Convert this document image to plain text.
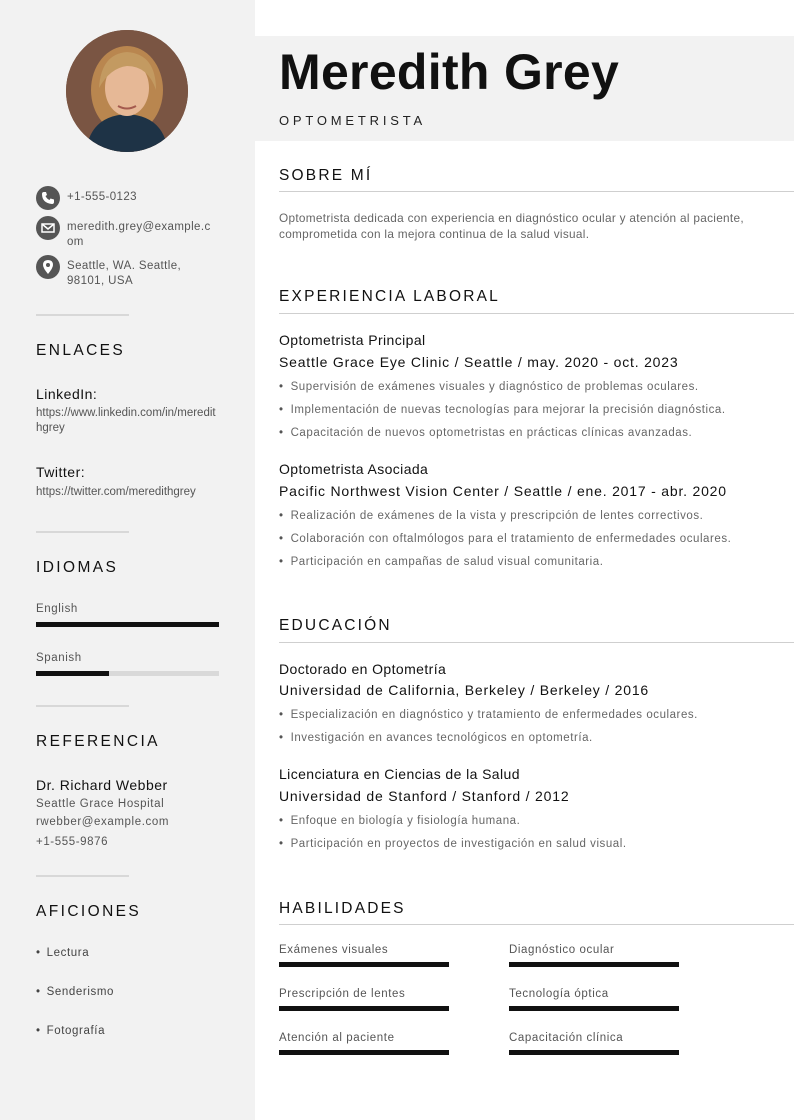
+1-555-0123
meredith.grey@example.com
Seattle, WA. Seattle, 98101, USA
ENLACES
LinkedIn:
https://www.linkedin.com/in/meredithgrey
Twitter:
https://twitter.com/meredithgrey
IDIOMAS
English
Spanish
REFERENCIA
Dr. Richard Webber
Seattle Grace Hospital
rwebber@example.com
+1-555-9876
AFICIONES
• Lectura
• Senderismo
• Fotografía
Meredith Grey
OPTOMETRISTA
SOBRE MÍ
Optometrista dedicada con experiencia en diagnóstico ocular y atención al paciente, comprometida con la mejora continua de la salud visual.
EXPERIENCIA LABORAL
Optometrista Principal
Seattle Grace Eye Clinic / Seattle / may. 2020 - oct. 2023
• Supervisión de exámenes visuales y diagnóstico de problemas oculares.
• Implementación de nuevas tecnologías para mejorar la precisión diagnóstica.
• Capacitación de nuevos optometristas en prácticas clínicas avanzadas.
Optometrista Asociada
Pacific Northwest Vision Center / Seattle / ene. 2017 - abr. 2020
• Realización de exámenes de la vista y prescripción de lentes correctivos.
• Colaboración con oftalmólogos para el tratamiento de enfermedades oculares.
• Participación en campañas de salud visual comunitaria.
EDUCACIÓN
Doctorado en Optometría
Universidad de California, Berkeley / Berkeley / 2016
• Especialización en diagnóstico y tratamiento de enfermedades oculares.
• Investigación en avances tecnológicos en optometría.
Licenciatura en Ciencias de la Salud
Universidad de Stanford / Stanford / 2012
• Enfoque en biología y fisiología humana.
• Participación en proyectos de investigación en salud visual.
HABILIDADES
Exámenes visuales	Diagnóstico ocular
Prescripción de lentes	Tecnología óptica
Atención al paciente	Capacitación clínica
